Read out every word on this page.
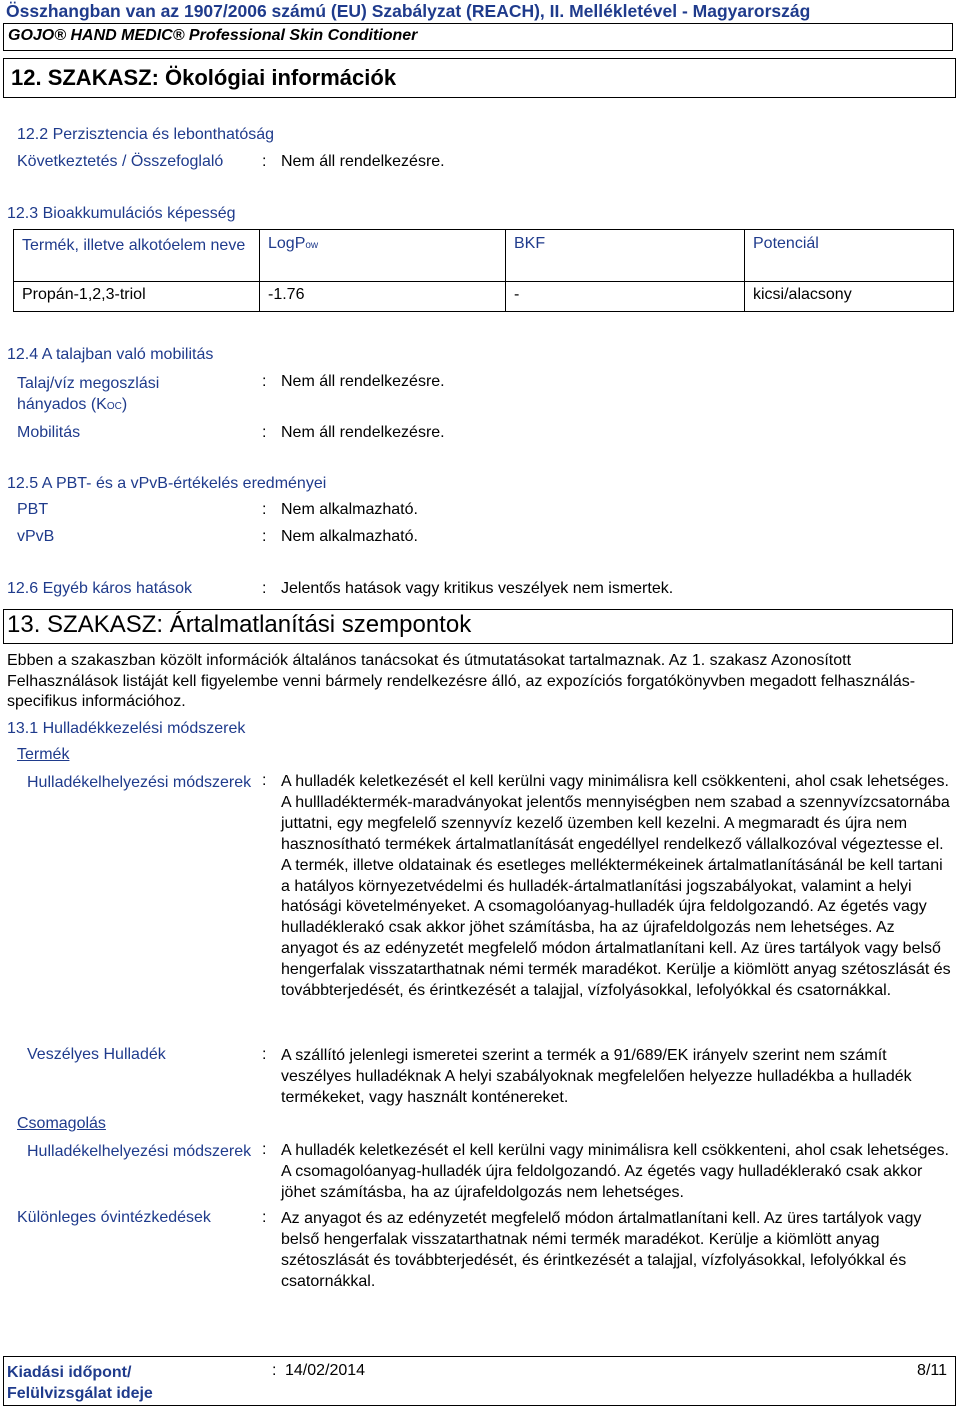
Összhangban van az 1907/2006 számú (EU) Szabályzat (REACH), II. Mellékletével - Magyarország
GOJO® HAND MEDIC® Professional Skin Conditioner
12. SZAKASZ: Ökológiai információk
12.2 Perzisztencia és lebonthatóság
Következtetés / Összefoglaló : Nem áll rendelkezésre.
12.3 Bioakkumulációs képesség
Termék, illetve alkotóelem neve	LogPow	BKF	Potenciál
Propán-1,2,3-triol	-1.76	-	kicsi/alacsony
12.4 A talajban való mobilitás
Talaj/víz megoszlási
hányados (KOC)
: Nem áll rendelkezésre.
Mobilitás	: Nem áll rendelkezésre.
12.5 A PBT- és a vPvB-értékelés eredményei
PBT	: Nem alkalmazható.
vPvB	: Nem alkalmazható.
12.6 Egyéb káros hatások	: Jelentős hatások vagy kritikus veszélyek nem ismertek.
13. SZAKASZ: Ártalmatlanítási szempontok
Ebben a szakaszban közölt információk általános tanácsokat és útmutatásokat tartalmaznak. Az 1. szakasz Azonosított Felhasználások listáját kell figyelembe venni bármely rendelkezésre álló, az expozíciós forgatókönyvben megadott felhasználás-specifikus információhoz.
13.1 Hulladékkezelési módszerek
Termék
Hulladékelhelyezési módszerek : A hulladék keletkezését el kell kerülni vagy minimálisra kell csökkenteni, ahol csak lehetséges. A hullladéktermék-maradványokat jelentős mennyiségben nem szabad a szennyvízcsatornába juttatni, egy megfelelő szennyvíz kezelő üzemben kell kezelni. A megmaradt és újra nem hasznosítható termékek ártalmatlanítását engedéllyel rendelkező vállalkozóval végeztesse el. A termék, illetve oldatainak és esetleges melléktermékeinek ártalmatlanításánál be kell tartani a hatályos környezetvédelmi és hulladék-ártalmatlanítási jogszabályokat, valamint a helyi hatósági követelményeket. A csomagolóanyag-hulladék újra feldolgozandó. Az égetés vagy hulladéklerakó csak akkor jöhet számításba, ha az újrafeldolgozás nem lehetséges. Az anyagot és az edényzetét megfelelő módon ártalmatlanítani kell. Az üres tartályok vagy belső hengerfalak visszatarthatnak némi termék maradékot. Kerülje a kiömlött anyag szétoszlását és továbbterjedését, és érintkezését a talajjal, vízfolyásokkal, lefolyókkal és csatornákkal.
Veszélyes Hulladék	: A szállító jelenlegi ismeretei szerint a termék a 91/689/EK irányelv szerint nem számít veszélyes hulladéknak A helyi szabályoknak megfelelően helyezze hulladékba a hulladék termékeket, vagy használt konténereket.
Csomagolás
Hulladékelhelyezési módszerek : A hulladék keletkezését el kell kerülni vagy minimálisra kell csökkenteni, ahol csak lehetséges. A csomagolóanyag-hulladék újra feldolgozandó. Az égetés vagy hulladéklerakó csak akkor jöhet számításba, ha az újrafeldolgozás nem lehetséges.
Különleges óvintézkedések	: Az anyagot és az edényzetét megfelelő módon ártalmatlanítani kell. Az üres tartályok vagy belső hengerfalak visszatarthatnak némi termék maradékot. Kerülje a kiömlött anyag szétoszlását és továbbterjedését, és érintkezését a talajjal, vízfolyásokkal, lefolyókkal és csatornákkal.
Kiadási időpont/
Felülvizsgálat ideje
: 14/02/2014	8/11
